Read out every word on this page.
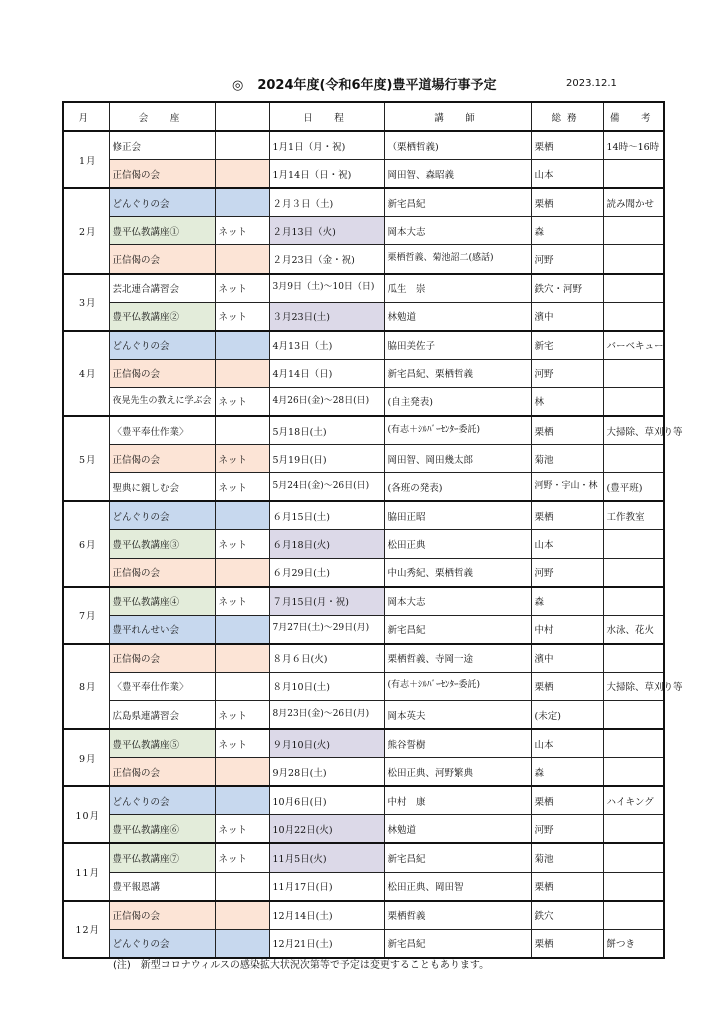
◎ 2024年度(令和6年度)豊平道場行事予定	2023.12.1
月	会　座		日　程	講　師	総務	備　考
1月	修正会		1月1日（月・祝)	（栗栖哲義)	栗栖	14時～16時
	正信偈の会		1月14日（日・祝)	岡田智、森昭義	山本	
2月	どんぐりの会		２月３日（土)	新宅昌紀	栗栖	読み聞かせ
	豊平仏教講座①	ネット	２月13日（火)	岡本大志	森	
	正信偈の会		２月23日（金・祝)	栗栖哲義、菊池詔二(感話)	河野	
3月	芸北連合講習会	ネット	3月9日（土)～10日（日)	瓜生　崇	鉄穴・河野	
	豊平仏教講座②	ネット	３月23日(土)	林勉道	濱中	
4月	どんぐりの会		4月13日（土)	脇田美佐子	新宅	バーベキュー
	正信偈の会		4月14日（日)	新宅昌紀、栗栖哲義	河野	
	夜晃先生の教えに学ぶ会	ネット	4月26日(金)～28日(日)	(自主発表)	林	
5月	〈豊平奉仕作業〉		5月18日(土)	(有志＋ｼﾙﾊﾞｰｾﾝﾀｰ委託)	栗栖	大掃除、草刈り等
	正信偈の会	ネット	5月19日(日)	岡田智、岡田幾太郎	菊池	
	聖典に親しむ会	ネット	5月24日(金)～26日(日)	(各班の発表)	河野・宇山・林	(豊平班)
6月	どんぐりの会		６月15日(土)	脇田正昭	栗栖	工作教室
	豊平仏教講座③	ネット	６月18日(火)	松田正典	山本	
	正信偈の会		６月29日(土)	中山秀紀、栗栖哲義	河野	
7月	豊平仏教講座④	ネット	７月15日(月・祝)	岡本大志	森	
	豊平れんせい会		7月27日(土)～29日(月)	新宅昌紀	中村	水泳、花火
8月	正信偈の会		８月６日(火)	栗栖哲義、寺岡一途	濱中	
	〈豊平奉仕作業〉		８月10日(土)	(有志＋ｼﾙﾊﾞｰｾﾝﾀｰ委託)	栗栖	大掃除、草刈り等
	広島県連講習会	ネット	8月23日(金)～26日(月)	岡本英夫	(未定)	
9月	豊平仏教講座⑤	ネット	９月10日(火)	熊谷誓樹	山本	
	正信偈の会		9月28日(土)	松田正典、河野繁典	森	
10月	どんぐりの会		10月6日(日)	中村　康	栗栖	ハイキング
	豊平仏教講座⑥	ネット	10月22日(火)	林勉道	河野	
11月	豊平仏教講座⑦	ネット	11月5日(火)	新宅昌紀	菊池	
	豊平報恩講		11月17日(日)	松田正典、岡田智	栗栖	
12月	正信偈の会		12月14日(土)	栗栖哲義	鉄穴	
	どんぐりの会		12月21日(土)	新宅昌紀	栗栖	餅つき
(注)　新型コロナウィルスの感染拡大状況次第等で予定は変更することもあります。
